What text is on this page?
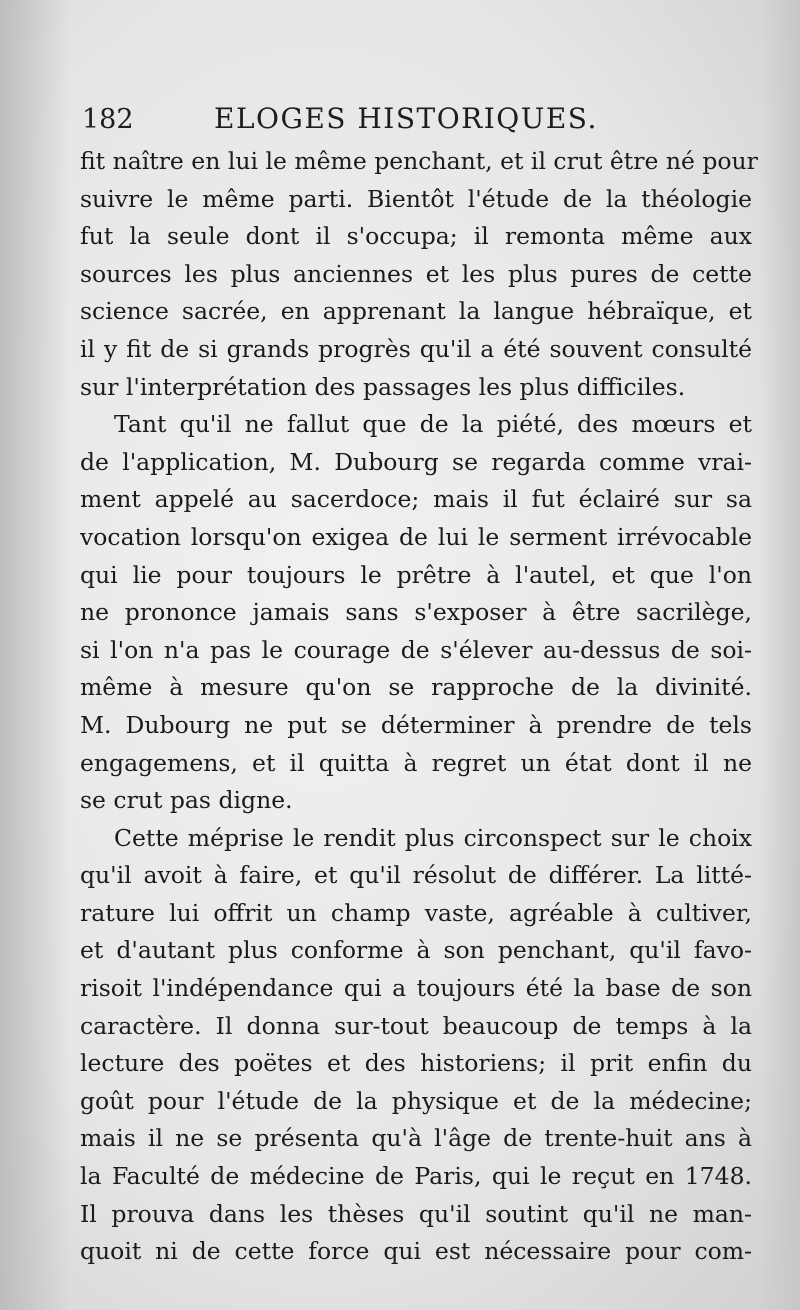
182	ELOGES HISTORIQUES.
fit naître en lui le même penchant, et il crut être né pour
suivre le même parti. Bientôt l'étude de la théologie
fut la seule dont il s'occupa; il remonta même aux
sources les plus anciennes et les plus pures de cette
science sacrée, en apprenant la langue hébraïque, et
il y fit de si grands progrès qu'il a été souvent consulté
sur l'interprétation des passages les plus difficiles.
Tant qu'il ne fallut que de la piété, des mœurs et
de l'application, M. Dubourg se regarda comme vrai-
ment appelé au sacerdoce; mais il fut éclairé sur sa
vocation lorsqu'on exigea de lui le serment irrévocable
qui lie pour toujours le prêtre à l'autel, et que l'on
ne prononce jamais sans s'exposer à être sacrilège,
si l'on n'a pas le courage de s'élever au-dessus de soi-
même à mesure qu'on se rapproche de la divinité.
M. Dubourg ne put se déterminer à prendre de tels
engagemens, et il quitta à regret un état dont il ne
se crut pas digne.
Cette méprise le rendit plus circonspect sur le choix
qu'il avoit à faire, et qu'il résolut de différer. La litté-
rature lui offrit un champ vaste, agréable à cultiver,
et d'autant plus conforme à son penchant, qu'il favo-
risoit l'indépendance qui a toujours été la base de son
caractère. Il donna sur-tout beaucoup de temps à la
lecture des poëtes et des historiens; il prit enfin du
goût pour l'étude de la physique et de la médecine;
mais il ne se présenta qu'à l'âge de trente-huit ans à
la Faculté de médecine de Paris, qui le reçut en 1748.
Il prouva dans les thèses qu'il soutint qu'il ne man-
quoit ni de cette force qui est nécessaire pour com-
